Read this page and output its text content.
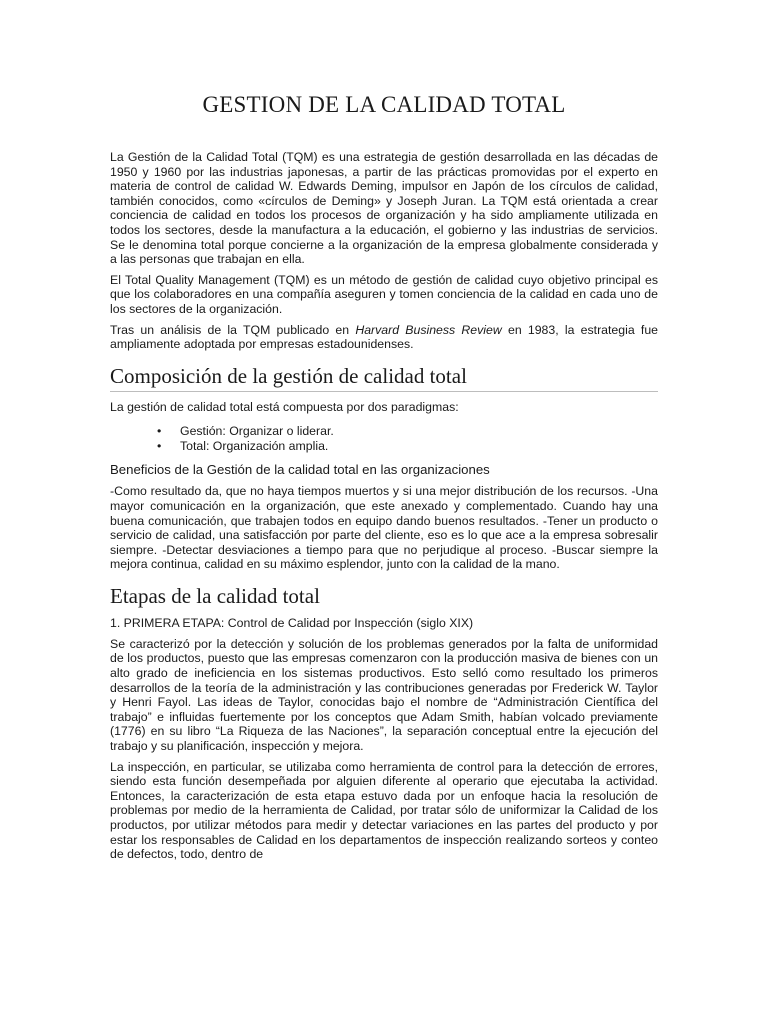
GESTION DE LA CALIDAD TOTAL

La Gestión de la Calidad Total (TQM) es una estrategia de gestión desarrollada en las décadas de 1950 y 1960 por las industrias japonesas, a partir de las prácticas promovidas por el experto en materia de control de calidad W. Edwards Deming, impulsor en Japón de los círculos de calidad, también conocidos, como «círculos de Deming» y Joseph Juran. La TQM está orientada a crear conciencia de calidad en todos los procesos de organización y ha sido ampliamente utilizada en todos los sectores, desde la manufactura a la educación, el gobierno y las industrias de servicios. Se le denomina total porque concierne a la organización de la empresa globalmente considerada y a las personas que trabajan en ella.

El Total Quality Management (TQM) es un método de gestión de calidad cuyo objetivo principal es que los colaboradores en una compañía aseguren y tomen conciencia de la calidad en cada uno de los sectores de la organización.

Tras un análisis de la TQM publicado en Harvard Business Review en 1983, la estrategia fue ampliamente adoptada por empresas estadounidenses.

Composición de la gestión de calidad total

La gestión de calidad total está compuesta por dos paradigmas:

• Gestión: Organizar o liderar.
• Total: Organización amplia.

Beneficios de la Gestión de la calidad total en las organizaciones

-Como resultado da, que no haya tiempos muertos y si una mejor distribución de los recursos. -Una mayor comunicación en la organización, que este anexado y complementado. Cuando hay una buena comunicación, que trabajen todos en equipo dando buenos resultados. -Tener un producto o servicio de calidad, una satisfacción por parte del cliente, eso es lo que ace a la empresa sobresalir siempre. -Detectar desviaciones a tiempo para que no perjudique al proceso. -Buscar siempre la mejora continua, calidad en su máximo esplendor, junto con la calidad de la mano.

Etapas de la calidad total

1. PRIMERA ETAPA: Control de Calidad por Inspección (siglo XIX)

Se caracterizó por la detección y solución de los problemas generados por la falta de uniformidad de los productos, puesto que las empresas comenzaron con la producción masiva de bienes con un alto grado de ineficiencia en los sistemas productivos. Esto selló como resultado los primeros desarrollos de la teoría de la administración y las contribuciones generadas por Frederick W. Taylor y Henri Fayol. Las ideas de Taylor, conocidas bajo el nombre de “Administración Científica del trabajo” e influidas fuertemente por los conceptos que Adam Smith, habían volcado previamente (1776) en su libro “La Riqueza de las Naciones”, la separación conceptual entre la ejecución del trabajo y su planificación, inspección y mejora.

La inspección, en particular, se utilizaba como herramienta de control para la detección de errores, siendo esta función desempeñada por alguien diferente al operario que ejecutaba la actividad. Entonces, la caracterización de esta etapa estuvo dada por un enfoque hacia la resolución de problemas por medio de la herramienta de Calidad, por tratar sólo de uniformizar la Calidad de los productos, por utilizar métodos para medir y detectar variaciones en las partes del producto y por estar los responsables de Calidad en los departamentos de inspección realizando sorteos y conteo de defectos, todo, dentro de
